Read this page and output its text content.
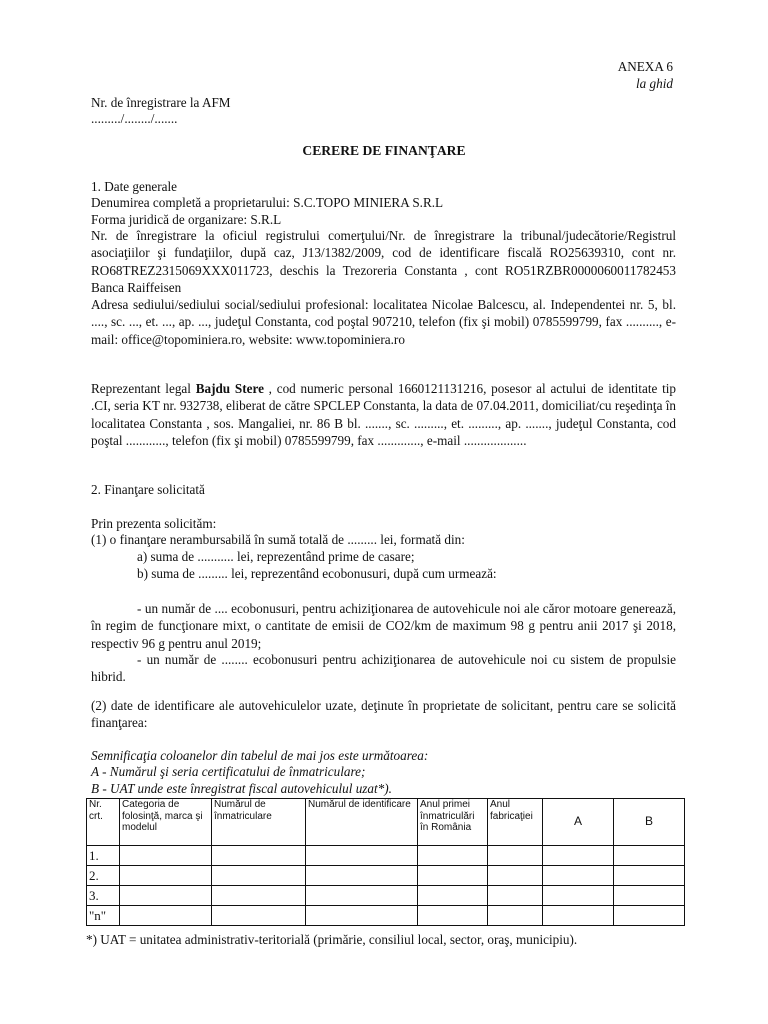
ANEXA 6
la ghid
Nr. de înregistrare la AFM
........./......../.......
CERERE DE FINANŢARE
1. Date generale
Denumirea completă a proprietarului: S.C.TOPO MINIERA S.R.L
Forma juridică de organizare: S.R.L
Nr. de înregistrare la oficiul registrului comerţului/Nr. de înregistrare la tribunal/judecătorie/Registrul asociaţiilor şi fundaţiilor, după caz, J13/1382/2009, cod de identificare fiscală RO25639310, cont nr. RO68TREZ2315069XXX011723, deschis la Trezoreria Constanta , cont RO51RZBR0000060011782453 Banca Raiffeisen
Adresa sediului/sediului social/sediului profesional: localitatea Nicolae Balcescu, al. Independentei nr. 5, bl. ...., sc. ..., et. ..., ap. ..., judeţul Constanta, cod poştal 907210, telefon (fix şi mobil) 0785599799, fax .........., e-mail: office@topominiera.ro, website: www.topominiera.ro
Reprezentant legal Bajdu Stere , cod numeric personal 1660121131216, posesor al actului de identitate tip .CI, seria KT nr. 932738, eliberat de către SPCLEP Constanta, la data de 07.04.2011, domiciliat/cu reşedinţa în localitatea Constanta , sos. Mangaliei, nr. 86 B bl. ......., sc. ........., et. ........., ap. ......., judeţul Constanta, cod poştal ............, telefon (fix şi mobil) 0785599799, fax ............., e-mail ...................
2. Finanţare solicitată
Prin prezenta solicităm:
(1) o finanţare nerambursabilă în sumă totală de ......... lei, formată din:
a) suma de ........... lei, reprezentând prime de casare;
b) suma de ......... lei, reprezentând ecobonusuri, după cum urmează:
- un număr de .... ecobonusuri, pentru achiziţionarea de autovehicule noi ale căror motoare generează, în regim de funcţionare mixt, o cantitate de emisii de CO2/km de maximum 98 g pentru anii 2017 şi 2018, respectiv 96 g pentru anul 2019;
- un număr de ........ ecobonusuri pentru achiziţionarea de autovehicule noi cu sistem de propulsie hibrid.
(2) date de identificare ale autovehiculelor uzate, deţinute în proprietate de solicitant, pentru care se solicită finanţarea:
Semnificaţia coloanelor din tabelul de mai jos este următoarea:
A - Numărul şi seria certificatului de înmatriculare;
B - UAT unde este înregistrat fiscal autovehiculul uzat*).
Nr. crt.	Categoria de folosinţă, marca şi modelul	Numărul de înmatriculare	Numărul de identificare	Anul primei înmatriculări în România	Anul fabricaţiei	A	B
1.							
2.							
3.							
"n"							
*) UAT = unitatea administrativ-teritorială (primărie, consiliul local, sector, oraş, municipiu).
